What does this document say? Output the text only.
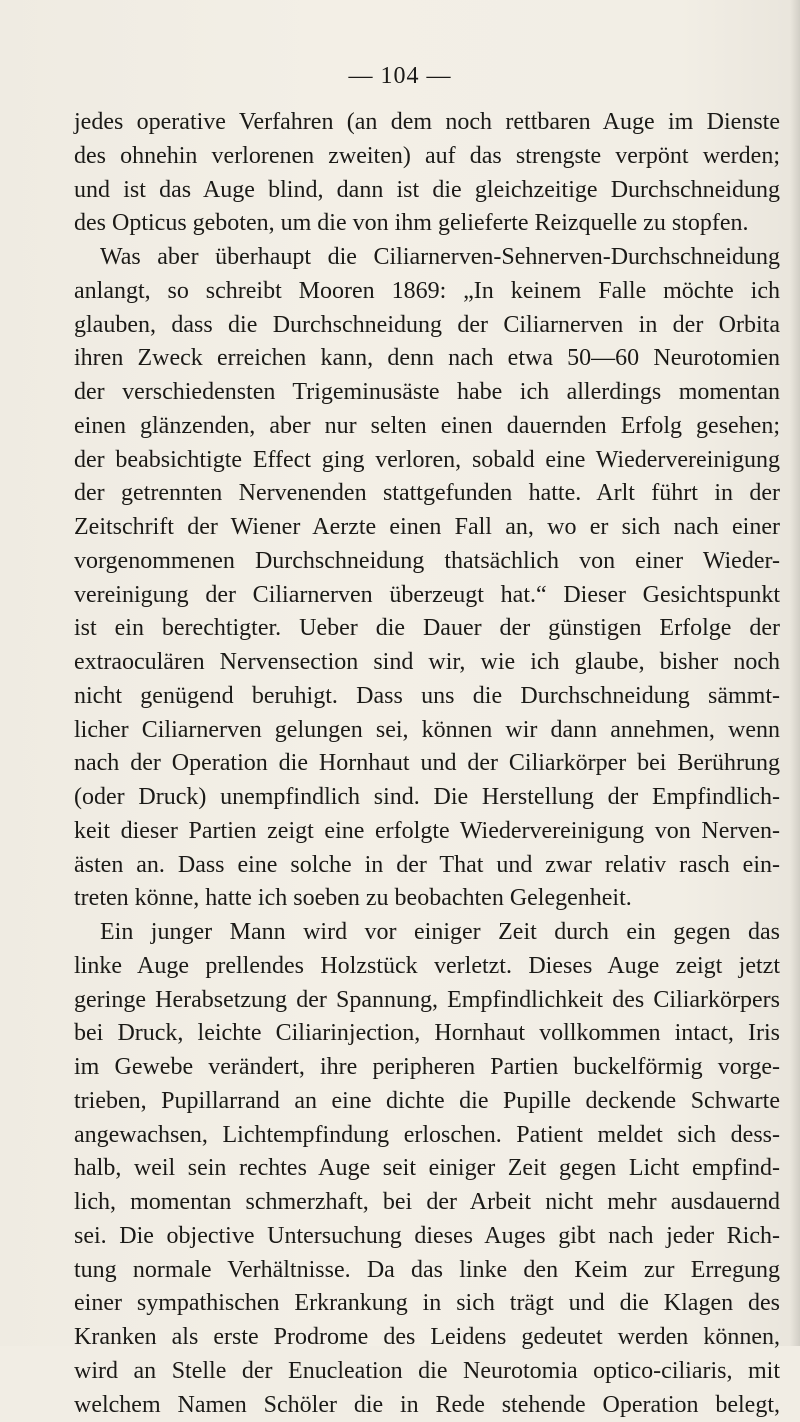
— 104 —
jedes operative Verfahren (an dem noch rettbaren Auge im Dienste
des ohnehin verlorenen zweiten) auf das strengste verpönt werden;
und ist das Auge blind, dann ist die gleichzeitige Durchschneidung
des Opticus geboten, um die von ihm gelieferte Reizquelle zu stopfen.
Was aber überhaupt die Ciliarnerven-Sehnerven-Durchschneidung
anlangt, so schreibt Mooren 1869: „In keinem Falle möchte ich
glauben, dass die Durchschneidung der Ciliarnerven in der Orbita
ihren Zweck erreichen kann, denn nach etwa 50—60 Neurotomien
der verschiedensten Trigeminusäste habe ich allerdings momentan
einen glänzenden, aber nur selten einen dauernden Erfolg gesehen;
der beabsichtigte Effect ging verloren, sobald eine Wiedervereinigung
der getrennten Nervenenden stattgefunden hatte. Arlt führt in der
Zeitschrift der Wiener Aerzte einen Fall an, wo er sich nach einer
vorgenommenen Durchschneidung thatsächlich von einer Wieder-
vereinigung der Ciliarnerven überzeugt hat.“ Dieser Gesichtspunkt
ist ein berechtigter. Ueber die Dauer der günstigen Erfolge der
extraoculären Nervensection sind wir, wie ich glaube, bisher noch
nicht genügend beruhigt. Dass uns die Durchschneidung sämmt-
licher Ciliarnerven gelungen sei, können wir dann annehmen, wenn
nach der Operation die Hornhaut und der Ciliarkörper bei Berührung
(oder Druck) unempfindlich sind. Die Herstellung der Empfindlich-
keit dieser Partien zeigt eine erfolgte Wiedervereinigung von Nerven-
ästen an. Dass eine solche in der That und zwar relativ rasch ein-
treten könne, hatte ich soeben zu beobachten Gelegenheit.
Ein junger Mann wird vor einiger Zeit durch ein gegen das
linke Auge prellendes Holzstück verletzt. Dieses Auge zeigt jetzt
geringe Herabsetzung der Spannung, Empfindlichkeit des Ciliarkörpers
bei Druck, leichte Ciliarinjection, Hornhaut vollkommen intact, Iris
im Gewebe verändert, ihre peripheren Partien buckelförmig vorge-
trieben, Pupillarrand an eine dichte die Pupille deckende Schwarte
angewachsen, Lichtempfindung erloschen. Patient meldet sich dess-
halb, weil sein rechtes Auge seit einiger Zeit gegen Licht empfind-
lich, momentan schmerzhaft, bei der Arbeit nicht mehr ausdauernd
sei. Die objective Untersuchung dieses Auges gibt nach jeder Rich-
tung normale Verhältnisse. Da das linke den Keim zur Erregung
einer sympathischen Erkrankung in sich trägt und die Klagen des
Kranken als erste Prodrome des Leidens gedeutet werden können,
wird an Stelle der Enucleation die Neurotomia optico-ciliaris, mit
welchem Namen Schöler die in Rede stehende Operation belegt,
